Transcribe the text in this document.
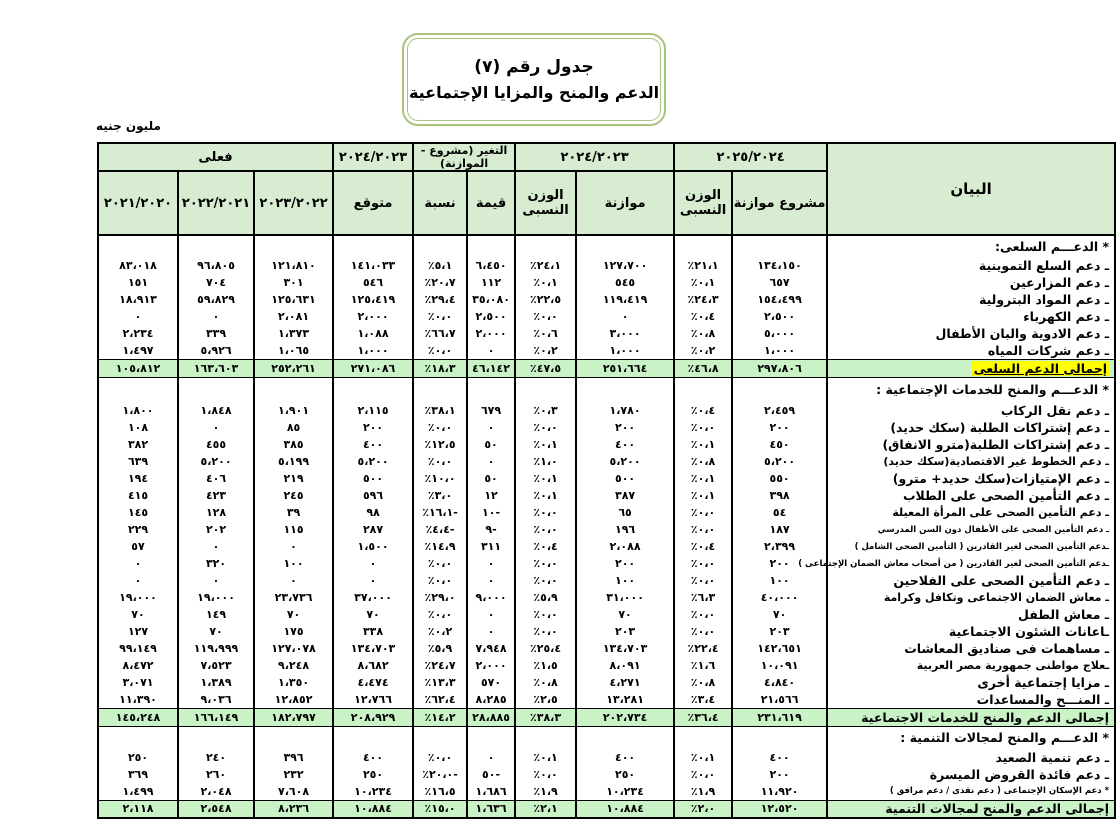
جدول رقم (٧)
الدعم والمنح والمزايا الإجتماعية
مليون جنيه
البيان	٢٠٢٥/٢٠٢٤		٢٠٢٤/٢٠٢٣		التغير (مشروع - الموازنة)		٢٠٢٤/٢٠٢٣	فعلى		
	مشروع موازنة	الوزن النسبى	موازنة	الوزن النسبى	قيمة	نسبة	متوقع	٢٠٢٣/٢٠٢٢	٢٠٢٢/٢٠٢١	٢٠٢١/٢٠٢٠
* الدعـــم السلعى:										
ـ دعم السلع التموينية	١٣٤،١٥٠	٪٢١،١	١٢٧،٧٠٠	٪٢٤،١	٦،٤٥٠	٪٥،١	١٤١،٠٣٣	١٢١،٨١٠	٩٦،٨٠٥	٨٣،٠١٨
ـ دعم المزارعين	٦٥٧	٪٠،١	٥٤٥	٪٠،١	١١٢	٪٢٠،٧	٥٤٦	٣٠١	٧٠٤	١٥١
ـ دعم المواد البترولية	١٥٤،٤٩٩	٪٢٤،٣	١١٩،٤١٩	٪٢٢،٥	٣٥،٠٨٠	٪٢٩،٤	١٢٥،٤١٩	١٢٥،٦٣١	٥٩،٨٢٩	١٨،٩١٣
ـ دعم الكهرباء	٢،٥٠٠	٪٠،٤	٠	٪٠،٠	٢،٥٠٠	٪٠،٠	٢،٠٠٠	٢،٠٨١	٠	٠
ـ دعم الادوية والبان الأطفال	٥،٠٠٠	٪٠،٨	٣،٠٠٠	٪٠،٦	٢،٠٠٠	٪٦٦،٧	١،٠٨٨	١،٣٧٣	٣٣٩	٢،٢٣٤
ـ دعم شركات المياه	١،٠٠٠	٪٠،٢	١،٠٠٠	٪٠،٢	٠	٪٠،٠	١،٠٠٠	١،٠٦٥	٥،٩٢٦	١،٤٩٧
إجمالى الدعم السلعى	٢٩٧،٨٠٦	٪٤٦،٨	٢٥١،٦٦٤	٪٤٧،٥	٤٦،١٤٢	٪١٨،٣	٢٧١،٠٨٦	٢٥٢،٢٦١	١٦٣،٦٠٣	١٠٥،٨١٢
* الدعـــم والمنح للخدمات الإجتماعية :										
ـ دعم نقل الركاب	٢،٤٥٩	٪٠،٤	١،٧٨٠	٪٠،٣	٦٧٩	٪٣٨،١	٢،١١٥	١،٩٠١	١،٨٤٨	١،٨٠٠
ـ دعم إشتراكات الطلبة (سكك حديد)	٢٠٠	٪٠،٠	٢٠٠	٪٠،٠	٠	٪٠،٠	٢٠٠	٨٥	٠	١٠٨
ـ دعم إشتراكات الطلبة(مترو الانفاق)	٤٥٠	٪٠،١	٤٠٠	٪٠،١	٥٠	٪١٢،٥	٤٠٠	٣٨٥	٤٥٥	٣٨٢
ـ دعم الخطوط غير الاقتصادية(سكك حديد)	٥،٢٠٠	٪٠،٨	٥،٢٠٠	٪١،٠	٠	٪٠،٠	٥،٢٠٠	٥،١٩٩	٥،٢٠٠	٦٣٩
ـ دعم الإمتيازات(سكك حديد+ مترو)	٥٥٠	٪٠،١	٥٠٠	٪٠،١	٥٠	٪١٠،٠	٥٠٠	٢١٩	٤٠٦	١٩٤
ـ دعم التأمين الصحى على الطلاب	٣٩٨	٪٠،١	٣٨٧	٪٠،١	١٢	٪٣،٠	٥٩٦	٢٤٥	٤٢٣	٤١٥
ـ دعم التأمين الصحى على المرأة المعيلة	٥٤	٪٠،٠	٦٥	٪٠،٠	١٠-	٪١٦،١-	٩٨	٣٩	١٢٨	١٤٥
ـ دعم التأمين الصحى على الأطفال دون السن المدرسي	١٨٧	٪٠،٠	١٩٦	٪٠،٠	٩-	٪٤،٤-	٢٨٧	١١٥	٢٠٢	٢٢٩
ـدعم التأمين الصحى لغير القادرين ( التأمين الصحى الشامل )	٢،٣٩٩	٪٠،٤	٢،٠٨٨	٪٠،٤	٣١١	٪١٤،٩	١،٥٠٠	٠	٠	٥٧
ـدعم التأمين الصحى لغير القادرين ( من أصحاب معاش الضمان الإجتماعى )	٢٠٠	٪٠،٠	٢٠٠	٪٠،٠	٠	٪٠،٠	٠	١٠٠	٣٢٠	٠
ـ دعم التأمين الصحى على الفلاحين	١٠٠	٪٠،٠	١٠٠	٪٠،٠	٠	٪٠،٠	٠	٠	٠	٠
ـ معاش الضمان الاجتماعى وتكافل وكرامة	٤٠،٠٠٠	٪٦،٣	٣١،٠٠٠	٪٥،٩	٩،٠٠٠	٪٢٩،٠	٣٧،٠٠٠	٢٣،٧٣٦	١٩،٠٠٠	١٩،٠٠٠
ـ معاش الطفل	٧٠	٪٠،٠	٧٠	٪٠،٠	٠	٪٠،٠	٧٠	٧٠	١٤٩	٧٠
ـاعانات الشئون الاجتماعية	٢٠٣	٪٠،٠	٢٠٣	٪٠،٠	٠	٪٠،٢	٣٣٨	١٧٥	٧٠	١٢٧
ـ مساهمات فى صناديق المعاشات	١٤٢،٦٥١	٪٢٢،٤	١٣٤،٧٠٣	٪٢٥،٤	٧،٩٤٨	٪٥،٩	١٣٤،٧٠٣	١٢٧،٠٧٨	١١٩،٩٩٩	٩٩،١٤٩
ـعلاج مواطنى جمهورية مصر العربية	١٠،٠٩١	٪١،٦	٨،٠٩١	٪١،٥	٢،٠٠٠	٪٢٤،٧	٨،٦٨٢	٩،٢٤٨	٧،٥٢٣	٨،٤٧٢
ـ مزايا إجتماعية أخرى	٤،٨٤٠	٪٠،٨	٤،٢٧١	٪٠،٨	٥٧٠	٪١٣،٣	٤،٤٧٤	١،٣٥٠	١،٣٨٩	٣،٠٧١
ـ المنـــح والمساعدات	٢١،٥٦٦	٪٣،٤	١٣،٢٨١	٪٢،٥	٨،٢٨٥	٪٦٢،٤	١٢،٧٦٦	١٢،٨٥٢	٩،٠٣٦	١١،٣٩٠
إجمالى الدعم والمنح للخدمات الاجتماعية	٢٣١،٦١٩	٪٣٦،٤	٢٠٢،٧٣٤	٪٣٨،٣	٢٨،٨٨٥	٪١٤،٢	٢٠٨،٩٢٩	١٨٢،٧٩٧	١٦٦،١٤٩	١٤٥،٢٤٨
* الدعـــم والمنح لمجالات التنمية :										
ـ دعم تنمية الصعيد	٤٠٠	٪٠،١	٤٠٠	٪٠،١	٠	٪٠،٠	٤٠٠	٣٩٦	٢٤٠	٢٥٠
ـ دعم فائدة القروض الميسرة	٢٠٠	٪٠،٠	٢٥٠	٪٠،٠	٥٠-	٪٢٠،٠-	٢٥٠	٢٣٢	٢٦٠	٣٦٩
* دعم الإسكان الإجتماعى ( دعم نقدى / دعم مرافق )	١١،٩٢٠	٪١،٩	١٠،٢٣٤	٪١،٩	١،٦٨٦	٪١٦،٥	١٠،٢٣٤	٧،٦٠٨	٢،٠٤٨	١،٤٩٩
إجمالى الدعم والمنح لمجالات التنمية	١٢،٥٢٠	٪٢،٠	١٠،٨٨٤	٪٢،١	١،٦٣٦	٪١٥،٠	١٠،٨٨٤	٨،٢٣٦	٢،٥٤٨	٢،١١٨
